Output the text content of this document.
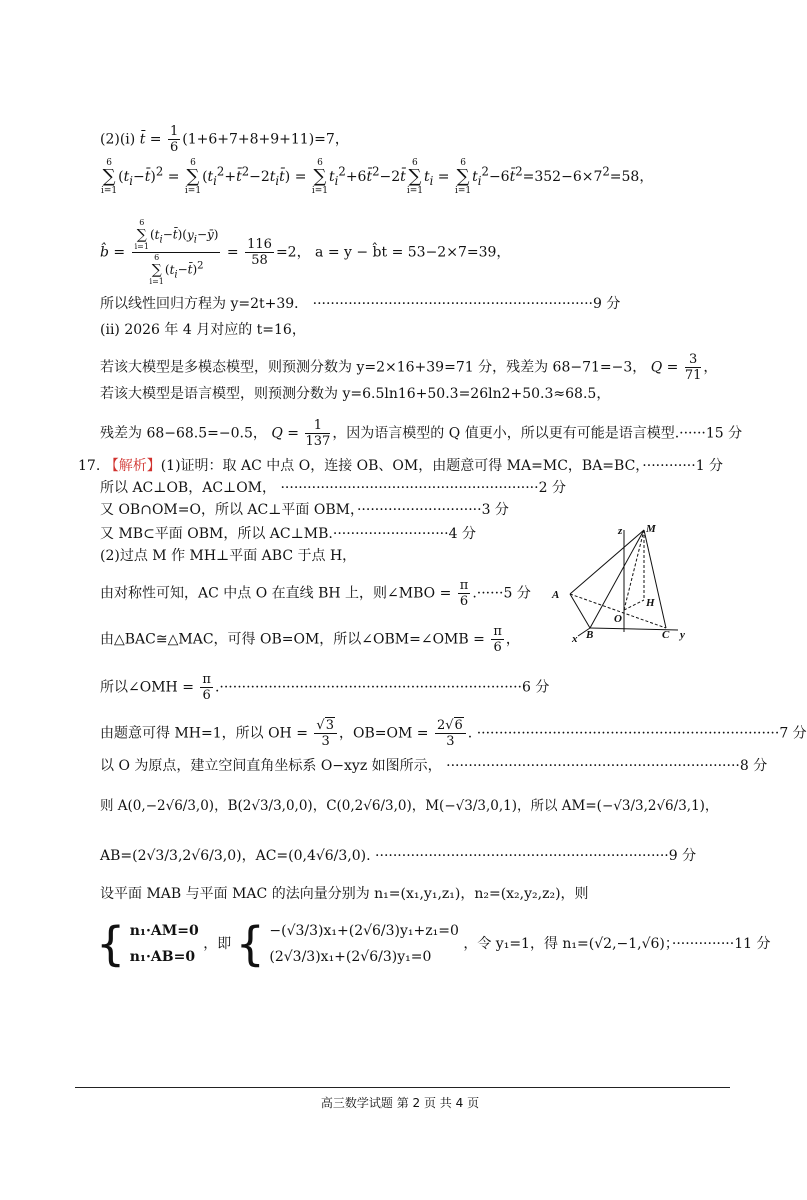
(2)(ⅰ) t̄ = $\frac{1}{6} (1+6+7+8+9+11)=7$，
6
∑
$i=1(t_i-t̄)^2 = 6$
∑
$i=1(t_i^2+t̄^2-2t_it̄) = 6$
∑
$i=1t_i^2+6t̄^2-2t̄6$
∑
$i=1t_i = 6$
∑
$i=1t_i^2-6t̄^2=352-6\times 7^2=58$，
b̂ = 6
∑
$i=1(t_i-t̄)(y_i-ȳ)$
6
∑
$i=1(t_i-t̄)^2 = \frac{116}{58} =2$， a = y − b̂t = 53−2×7=39，
所以线性回归方程为 y=2t+39． ·······························································9 分
(ⅱ) 2026 年 4 月对应的 t=16，
若该大模型是多模态模型，则预测分数为 y=2×16+39=71 分，残差为 68−71=−3， $Q = \frac{3}{71}$ ，
若该大模型是语言模型，则预测分数为 y=6.5ln16+50.3=26ln2+50.3≈68.5，
残差为 68−68.5=−0.5， $Q = \frac{1}{137}$ ，因为语言模型的 Q 值更小，所以更有可能是语言模型.······15 分
17. 【解析】(1)证明：取 AC 中点 O，连接 OB、OM，由题意可得 MA=MC，BA=BC，············1 分
所以 AC⊥OB，AC⊥OM， ··························································2 分
又 OB∩OM=O，所以 AC⊥平面 OBM，····························3 分
又 MB⊂平面 OBM，所以 AC⊥MB.··························4 分
(2)过点 M 作 MH⊥平面 ABC 于点 H，
由对称性可知，AC 中点 O 在直线 BH 上，则∠MBO = $\frac{\pi}{6} .\cdot\cdot\cdot\cdot\cdot\cdot 5$ 分
由△BAC≅△MAC，可得 OB=OM，所以∠OBM=∠OMB = $\frac{\pi}{6}$ ，
所以∠OMH = $\frac{\pi}{6} .\cdot\cdot\cdot\cdot\cdot\cdot\cdot\cdot\cdot\cdot\cdot\cdot\cdot\cdot\cdot\cdot\cdot\cdot\cdot\cdot\cdot\cdot\cdot\cdot\cdot\cdot\cdot\cdot\cdot\cdot\cdot\cdot\cdot\cdot\cdot\cdot\cdot\cdot\cdot\cdot\cdot\cdot\cdot\cdot\cdot\cdot\cdot\cdot\cdot\cdot\cdot\cdot\cdot\cdot\cdot\cdot\cdot\cdot\cdot\cdot\cdot\cdot\cdot\cdot\cdot\cdot\cdot\cdot 6$ 分
由题意可得 MH=1，所以 OH = $\frac{√3}{3}$ ，$OB=OM = \frac{2√6}{3}$ . ····································································7 分
以 O 为原点，建立空间直角坐标系 O−xyz 如图所示， ··································································8 分
则 A(0,−2√6/3,0)，B(2√3/3,0,0)，C(0,2√6/3,0)，M(−√3/3,0,1)，所以 AM=(−√3/3,2√6/3,1)，
AB=(2√3/3,2√6/3,0)，AC=(0,4√6/3,0). ··································································9 分
设平面 MAB 与平面 MAC 的法向量分别为 n₁=(x₁,y₁,z₁)，n₂=(x₂,y₂,z₂)，则
{ n₁·AM=0
n₁·AB=0
，即 { −(√3/3)x₁+(2√6/3)y₁+z₁=0
(2√3/3)x₁+(2√6/3)y₁=0
，令 y₁=1，得 n₁=(√2,−1,√6)；··············11 分
z M
A
O
H
x B	C y
高三数学试题 第 2 页 共 4 页
